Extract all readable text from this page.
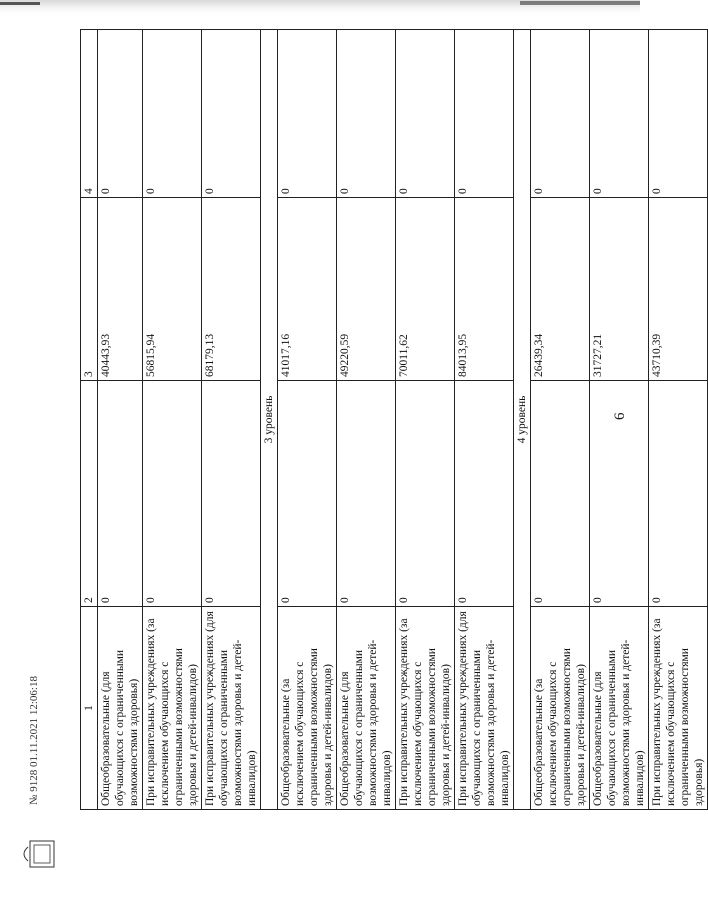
6
1	2	3	4
Общеобразовательные (для обучающихся с ограниченными возможностями здоровья)	0	40443,93	0
При исправительных учреждениях (за исключением обучающихся с ограниченными возможностями здоровья и детей-инвалидов)	0	56815,94	0
При исправительных учреждениях (для обучающихся с ограниченными возможностями здоровья и детей-инвалидов)	0	68179,13	0
3 уровень			
Общеобразовательные (за исключением обучающихся с ограниченными возможностями здоровья и детей-инвалидов)	0	41017,16	0
Общеобразовательные (для обучающихся с ограниченными возможностями здоровья и детей-инвалидов)	0	49220,59	0
При исправительных учреждениях (за исключением обучающихся с ограниченными возможностями здоровья и детей-инвалидов)	0	70011,62	0
При исправительных учреждениях (для обучающихся с ограниченными возможностями здоровья и детей-инвалидов)	0	84013,95	0
4 уровень			
Общеобразовательные (за исключением обучающихся с ограниченными возможностями здоровья и детей-инвалидов)	0	26439,34	0
Общеобразовательные (для обучающихся с ограниченными возможностями здоровья и детей-инвалидов)	0	31727,21	0
При исправительных учреждениях (за исключением обучающихся с ограниченными возможностями здоровья)	0	43710,39	0
№ 9128 01.11.2021 12:06:18
